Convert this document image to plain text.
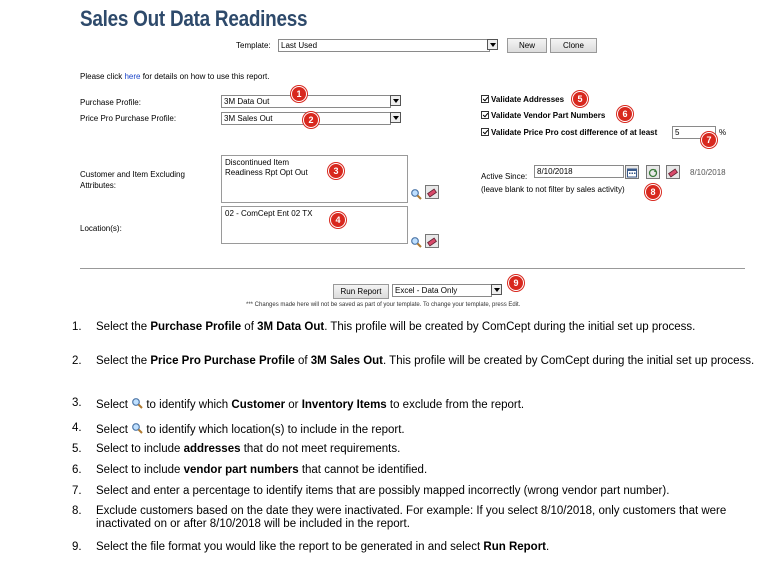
Sales Out Data Readiness
Template:	Last Used	New	Clone
Please click here for details on how to use this report.
Purchase Profile:	3M Data Out
1
Price Pro Purchase Profile:	3M Sales Out	2
Validate Addresses	5
Validate Vendor Part Numbers	6
Validate Price Pro cost difference of at least	5	%
7
Customer and Item Excluding
Attributes:
Discontinued Item
Readiness Rpt Opt Out	3
Location(s):
02 - ComCept Ent 02 TX
4
Active Since:
8/10/2018	8/10/2018
(leave blank to not filter by sales activity)	8
Run Report	Excel - Data Only
9
*** Changes made here will not be saved as part of your template. To change your template, press Edit.
1. Select the Purchase Profile of 3M Data Out. This profile will be created by ComCept during the initial set up process.
2. Select the Price Pro Purchase Profile of 3M Sales Out. This profile will be created by ComCept during the initial set up process.
3. Select  to identify which Customer or Inventory Items to exclude from the report.
4. Select  to identify which location(s) to include in the report.
5. Select to include addresses that do not meet requirements.
6. Select to include vendor part numbers that cannot be identified.
7. Select and enter a percentage to identify items that are possibly mapped incorrectly (wrong vendor part number).
8. Exclude customers based on the date they were inactivated. For example: If you select 8/10/2018, only customers that were inactivated on or after 8/10/2018 will be included in the report.
9. Select the file format you would like the report to be generated in and select Run Report.
